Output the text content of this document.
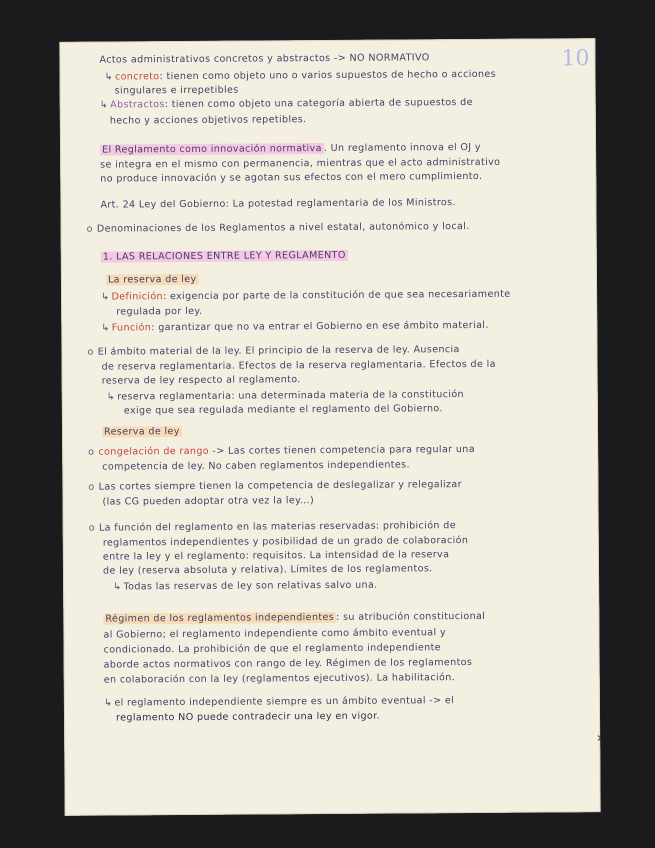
10
›
Actos administrativos concretos y abstractos -> NO NORMATIVO
↳ concreto: tienen como objeto uno o varios supuestos de hecho o acciones
singulares e irrepetibles
↳ Abstractos: tienen como objeto una categoría abierta de supuestos de
hecho y acciones objetivos repetibles.
El Reglamento como innovación normativa . Un reglamento innova el OJ y
se integra en el mismo con permanencia, mientras que el acto administrativo
no produce innovación y se agotan sus efectos con el mero cumplimiento.
Art. 24 Ley del Gobierno: La potestad reglamentaria de los Ministros.
o Denominaciones de los Reglamentos a nivel estatal, autonómico y local.
1. LAS RELACIONES ENTRE LEY Y REGLAMENTO
La reserva de ley
↳ Definición: exigencia por parte de la constitución de que sea necesariamente
regulada por ley.
↳ Función: garantizar que no va entrar el Gobierno en ese ámbito material.
o El ámbito material de la ley. El principio de la reserva de ley. Ausencia
de reserva reglamentaria. Efectos de la reserva reglamentaria. Efectos de la
reserva de ley respecto al reglamento.
↳ reserva reglamentaria: una determinada materia de la constitución
exige que sea regulada mediante el reglamento del Gobierno.
Reserva de ley
o congelación de rango -> Las cortes tienen competencia para regular una
competencia de ley. No caben reglamentos independientes.
o Las cortes siempre tienen la competencia de deslegalizar y relegalizar
(las CG pueden adoptar otra vez la ley...)
o La función del reglamento en las materias reservadas: prohibición de
reglamentos independientes y posibilidad de un grado de colaboración
entre la ley y el reglamento: requisitos. La intensidad de la reserva
de ley (reserva absoluta y relativa). Límites de los reglamentos.
↳ Todas las reservas de ley son relativas salvo una.
Régimen de los reglamentos independientes : su atribución constitucional
al Gobierno; el reglamento independiente como ámbito eventual y
condicionado. La prohibición de que el reglamento independiente
aborde actos normativos con rango de ley. Régimen de los reglamentos
en colaboración con la ley (reglamentos ejecutivos). La habilitación.
↳ el reglamento independiente siempre es un ámbito eventual -> el
reglamento NO puede contradecir una ley en vigor.
